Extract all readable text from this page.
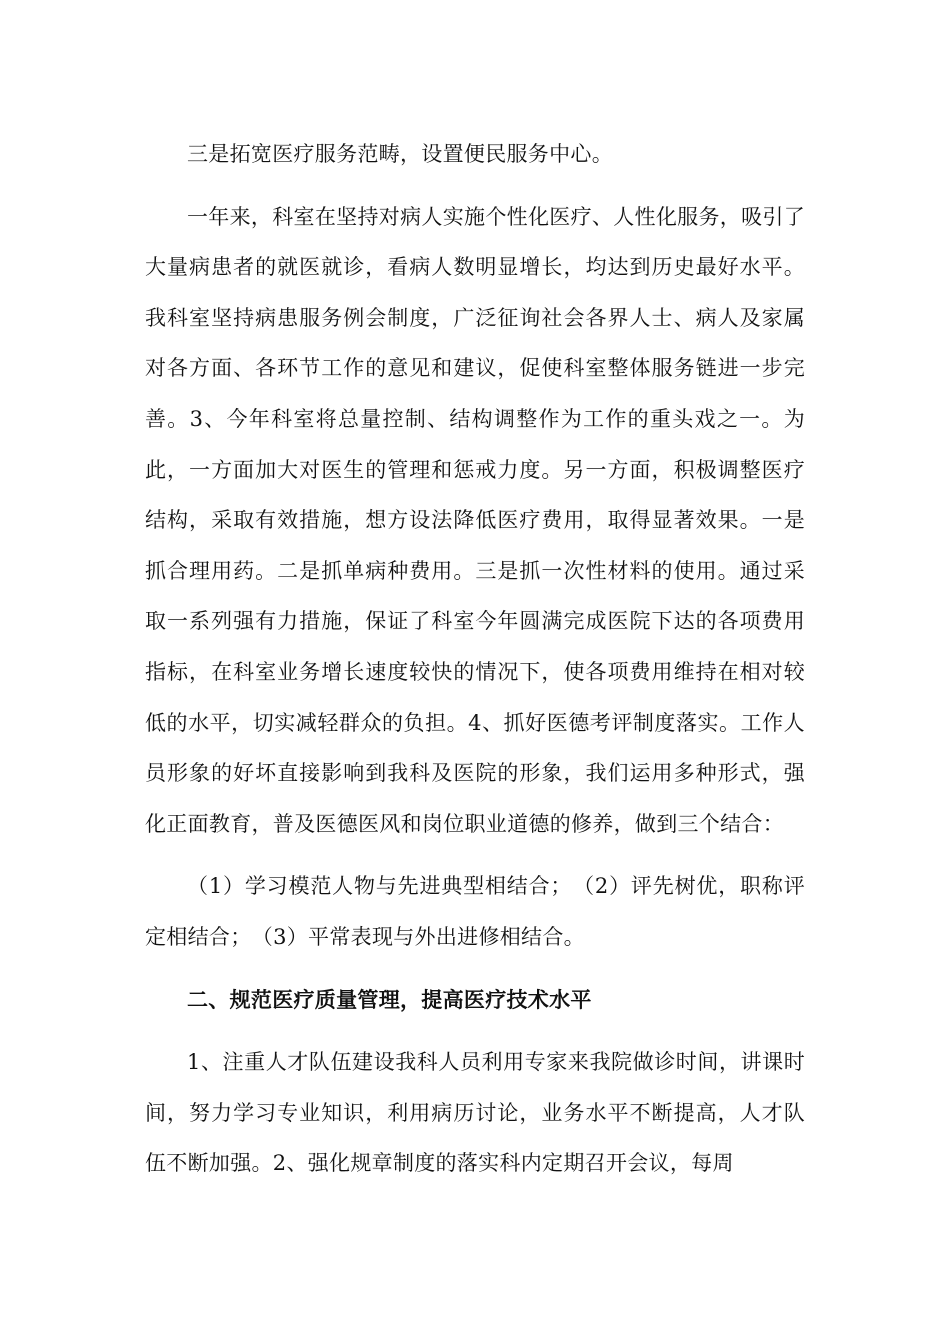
三是拓宽医疗服务范畴，设置便民服务中心。

一年来，科室在坚持对病人实施个性化医疗、人性化服务，吸引了大量病患者的就医就诊，看病人数明显增长，均达到历史最好水平。我科室坚持病患服务例会制度，广泛征询社会各界人士、病人及家属对各方面、各环节工作的意见和建议，促使科室整体服务链进一步完善。3、今年科室将总量控制、结构调整作为工作的重头戏之一。为此，一方面加大对医生的管理和惩戒力度。另一方面，积极调整医疗结构，采取有效措施，想方设法降低医疗费用，取得显著效果。一是抓合理用药。二是抓单病种费用。三是抓一次性材料的使用。通过采取一系列强有力措施，保证了科室今年圆满完成医院下达的各项费用指标，在科室业务增长速度较快的情况下，使各项费用维持在相对较低的水平，切实减轻群众的负担。4、抓好医德考评制度落实。工作人员形象的好坏直接影响到我科及医院的形象，我们运用多种形式，强化正面教育，普及医德医风和岗位职业道德的修养，做到三个结合：

（1）学习模范人物与先进典型相结合；　（2）评先树优，职称评定相结合；　（3）平常表现与外出进修相结合。

二、规范医疗质量管理，提高医疗技术水平

1、注重人才队伍建设我科人员利用专家来我院做诊时间，讲课时间，努力学习专业知识，利用病历讨论，业务水平不断提高，人才队伍不断加强。2、强化规章制度的落实科内定期召开会议，每周
